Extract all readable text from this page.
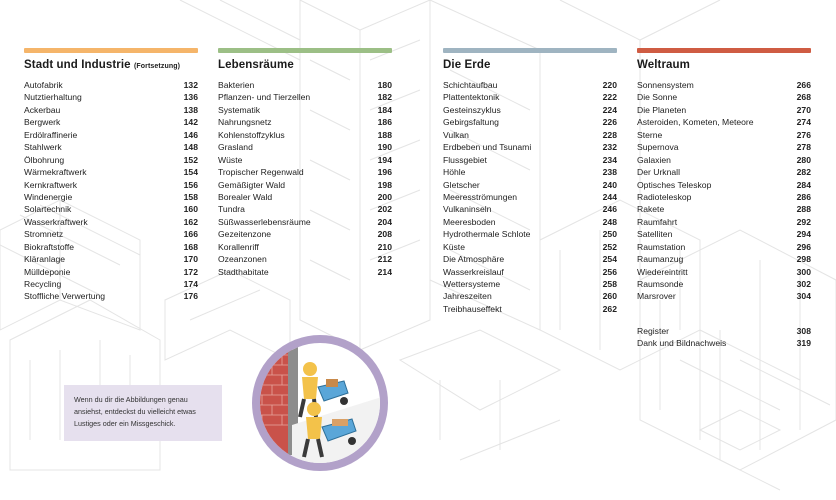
Stadt und Industrie (Fortsetzung)
Autofabrik	132
Nutztierhaltung	136
Ackerbau	138
Bergwerk	142
Erdölraffinerie	146
Stahlwerk	148
Ölbohrung	152
Wärmekraftwerk	154
Kernkraftwerk	156
Windenergie	158
Solartechnik	160
Wasserkraftwerk	162
Stromnetz	166
Biokraftstoffe	168
Kläranlage	170
Mülldeponie	172
Recycling	174
Stoffliche Verwertung	176
Lebensräume
Bakterien	180
Pflanzen- und Tierzellen	182
Systematik	184
Nahrungsnetz	186
Kohlenstoffzyklus	188
Grasland	190
Wüste	194
Tropischer Regenwald	196
Gemäßigter Wald	198
Borealer Wald	200
Tundra	202
Süßwasserlebensräume	204
Gezeitenzone	208
Korallenriff	210
Ozeanzonen	212
Stadthabitate	214
Die Erde
Schichtaufbau	220
Plattentektonik	222
Gesteinszyklus	224
Gebirgsfaltung	226
Vulkan	228
Erdbeben und Tsunami	232
Flussgebiet	234
Höhle	238
Gletscher	240
Meeresströmungen	244
Vulkaninseln	246
Meeresboden	248
Hydrothermale Schlote	250
Küste	252
Die Atmosphäre	254
Wasserkreislauf	256
Wettersysteme	258
Jahreszeiten	260
Treibhauseffekt	262
Weltraum
Sonnensystem	266
Die Sonne	268
Die Planeten	270
Asteroiden, Kometen, Meteore	274
Sterne	276
Supernova	278
Galaxien	280
Der Urknall	282
Optisches Teleskop	284
Radioteleskop	286
Rakete	288
Raumfahrt	292
Satelliten	294
Raumstation	296
Raumanzug	298
Wiedereintritt	300
Raumsonde	302
Marsrover	304
Register	308
Dank und Bildnachweis	319
Wenn du dir die Abbildungen genau ansiehst, entdeckst du vielleicht etwas Lustiges oder ein Missgeschick.
